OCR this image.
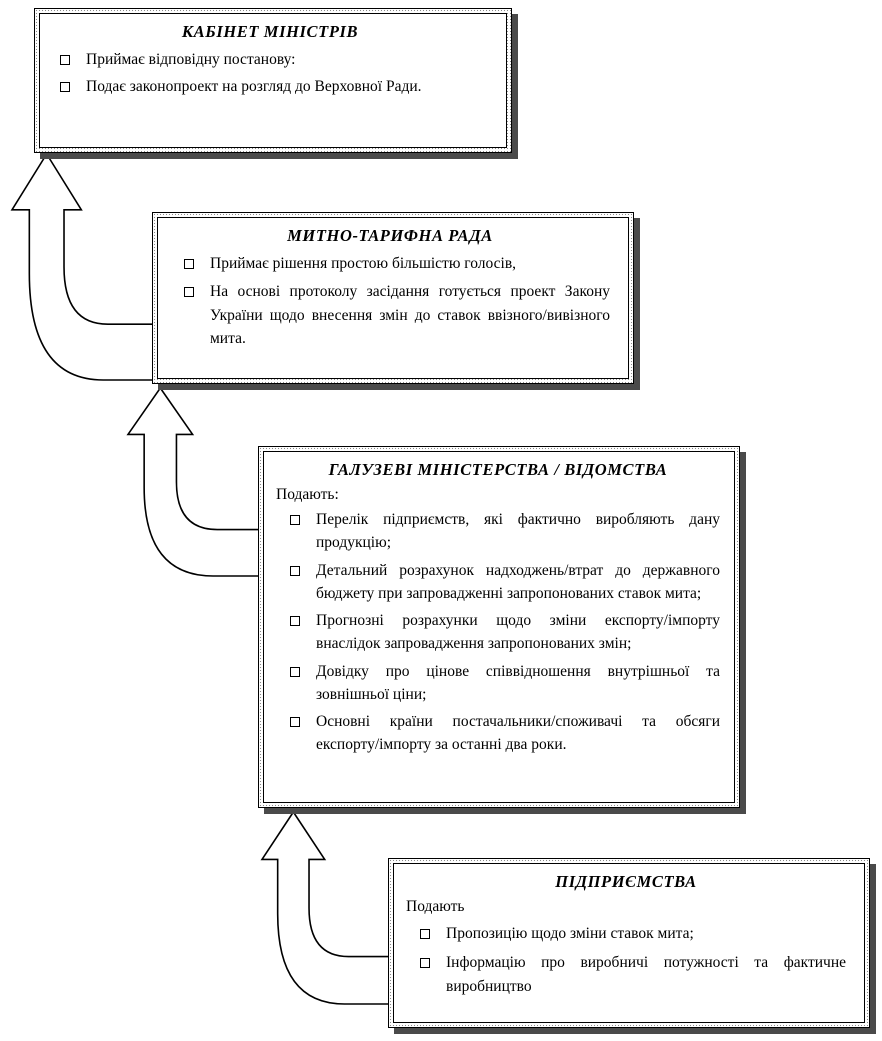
КАБІНЕТ МІНІСТРІВ
Приймає відповідну постанову:
Подає законопроект на розгляд до Верховної Ради.
МИТНО-ТАРИФНА РАДА
Приймає рішення простою більшістю голосів,
На основі протоколу засідання готується проект Закону України щодо внесення змін до ставок ввізного/вивізного мита.
ГАЛУЗЕВІ МІНІСТЕРСТВА / ВІДОМСТВА
Подають:
Перелік підприємств, які фактично виробляють дану продукцію;
Детальний розрахунок надходжень/втрат до державного бюджету при запровадженні запропонованих ставок мита;
Прогнозні розрахунки щодо зміни експорту/імпорту внаслідок запровадження запропонованих змін;
Довідку про цінове співвідношення внутрішньої та зовнішньої ціни;
Основні країни постачальники/споживачі та обсяги експорту/імпорту за останні два роки.
ПІДПРИЄМСТВА
Подають
Пропозицію щодо зміни ставок мита;
Інформацію про виробничі потужності та фактичне виробництво
